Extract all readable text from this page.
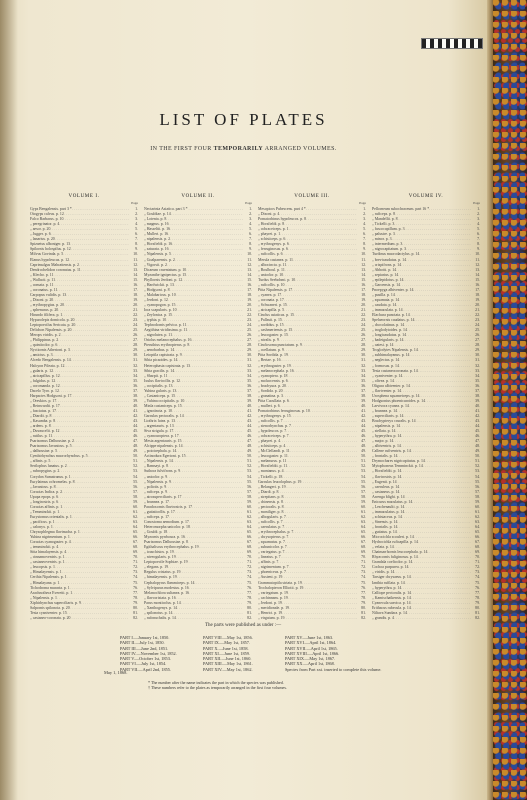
LIST OF PLATES
IN THE FIRST FOUR TEMPORARILY ARRANGED VOLUMES.
VOLUME I.
Page
Gyps Bengalensis. part 3 * . . .	1.
Otogyps calvus. p. 12 . . .	2.
Falco Barbarus. p. 10 . . .	3.
„ peregrinator. p. 4 . . .	4.
„ aesor. p. 20 . . .	5.
„ Jugger. p. 6 . . .	6.
„ lanarius. p. 20 . . .	7.
Spizaetus alboniger. p. 13 . . .	8.
Spilornis holospilus. p. 12 . . .	9.
Milvus Govinda. p. 5 . . .	10.
Elanus hypoleucus. p. 12 . . .	11.
Caprimulgus Mahrattensis. p. 2 . . .	12.
Dendrochelidon coronatus. p. 11 . . .	13.
„ Klecho. p. 11 . . .	14.
„ Wallacii. p. 11 . . .	15.
„ comata. p. 11 . . .	16.
„ coronatus. p. 11 . . .	17.
Carpopus vulidis. p. 13 . . .	18.
„ Dixoni. p. 20 . . .	19.
„ erythropygius. p. 20 . . .	20.
„ sphenurus. p. 20 . . .	21.
Hirundo filifera. p. 1 . . .	22.
Hypurolepis domicola. p. 20 . . .	23.
Leptopoecilus Sericata. p. 20 . . .	24.
Delichon Nipalensis. p. 20 . . .	25.
Merops viridis. p. 2 . . .	26.
„ Philippinus. p. 2 . . .	27.
„ quinticolor. p. 6 . . .	28.
Nyctiornis Athertoni. p. 3 . . .	29.
„ amictus. p. 3 . . .	30.
Alcedo Bengalensis. p. 14 . . .	31.
Halcyon Pileata. p. 12 . . .	32.
„ gularis. p. 12 . . .	33.
„ atricapillus. p. 12 . . .	34.
„ fulgidus. p. 12 . . .	35.
„ coromanda. p. 12 . . .	36.
Dacelo Tyro. p. 12 . . .	37.
Harpactes Hodgsoni. p. 17 . . .	38.
„ Oreskios. p. 17 . . .	39.
„ Reinwardti. p. 17 . . .	40.
„ fasciatus. p. 17 . . .	41.
„ Diardii. p. 8 . . .	42.
„ Kasumba. p. 8 . . .	43.
„ ardens. p. 8 . . .	44.
„ Duvaucelii. p. 12 . . .	45.
„ rutilus. p. 11 . . .	46.
Psarisomus Dalhousiae. p. 2 . . .	47.
Psarisomus Javanicus. p. 5 . . .	48.
„ dalhousiae. p. 5 . . .	49.
Cymbirhynchus macrorhynchus. p. 5 . . .	50.
„ affinis. p. 5 . . .	51.
Serilophus lunatus. p. 2 . . .	52.
„ rubropygius. p. 2 . . .	53.
Corydon Sumatranus. p. 1 . . .	54.
Eurylaimus ochromelas. p. 8 . . .	55.
„ Javanicus. p. 8 . . .	56.
Coracias Indica. p. 2 . . .	57.
Upupa epops. p. 6 . . .	58.
„ longirostris. p. 6 . . .	59.
Coracias affinis. p. 1 . . .	60.
„ Temminckii. p. 1 . . .	61.
Eurystomus orientalis. p. 1 . . .	62.
„ pacificus. p. 1 . . .	63.
„ calonyx. p. 1 . . .	64.
Chrysophlegma flavinucha. p. 1 . . .	65.
Yuhina nigrimentum. p. 1 . . .	66.
Coracias cyanogaster. p. 4 . . .	67.
„ temminckii. p. 4 . . .	68.
Sitta himalayensis. p. 4 . . .	69.
„ cinnamoventris. p. 1 . . .	70.
„ castaneoventris. p. 1 . . .	71.
„ leucopsis. p. 1 . . .	72.
„ Himalayensis. p. 1 . . .	73.
Certhia Nipalensis. p. 1 . . .	74.
„ Himalayana. p. 1 . . .	75.
Tichodroma muraria. p. 1 . . .	76.
Arachnothera Everetti. p. 1 . . .	77.
„ Nipalensis. p. 1 . . .	78.
Xiphirhynchus superciliaris. p. 9 . . .	79.
Salpornis spilonota. p. 20 . . .	80.
Tesia cyaniventer. p. 15 . . .	81.
„ castaneo-coronata. p. 20 . . .	82.
VOLUME II.
Page
Nectarinia Asiatica. part 3 * . . .	1.
„ Gouldiae. p. 14 . . .	2.
„ Lotenia. p. 8 . . .	3.
„ magnus. p. 16 . . .	4.
„ Hasseltii. p. 16 . . .	5.
„ Mulleri. p. 16 . . .	6.
„ nipalensis. p. 2 . . .	7.
„ Horsfieldi. p. 16 . . .	8.
„ saturata. p. 16 . . .	9.
„ Nipalensis. p. 5 . . .	10.
„ Goalparensis. p. 2 . . .	11.
„ Vigorsii. p. 2 . . .	12.
Dicaeum cruentatum. p. 10 . . .	13.
Myzanthe ignipectus. p. 15 . . .	14.
Phyllornis Jerdoni. p. 12 . . .	15.
„ Hardwickii. p. 13 . . .	16.
„ Hodgsoni. p. 8 . . .	17.
„ Malabaricus. p. 10 . . .	18.
„ Jerdoni. p. 12 . . .	19.
„ cyanopogon. p. 15 . . .	20.
Iora scapularis. p. 10 . . .	21.
„ Zeylonica. p. 15 . . .	22.
„ typhia. p. 10 . . .	23.
Tephrodornis pelvica. p. 11 . . .	24.
Aegithina viridissima. p. 11 . . .	25.
„ nigrolutea. p. 11 . . .	26.
Oriolus melanocephalus. p. 16 . . .	27.
Pteruthius erythropterus. p. 8 . . .	28.
„ aenobarbus. p. 14 . . .	29.
Leioptila capistrata. p. 9 . . .	30.
Sibia picaoides. p. 14 . . .	31.
Heterophasia capistrata. p. 13 . . .	32.
Sibia gracilis. p. 14 . . .	33.
„ Sharpii. p. 11 . . .	34.
Ixulus flavicollis. p. 12 . . .	35.
„ occipitalis. p. 13 . . .	36.
Yuhina gularis. p. 13 . . .	37.
„ Castaniceps. p. 15 . . .	38.
„ Yuhina occipitalis. p. 10 . . .	39.
Minla castaniceps. p. 15 . . .	40.
„ ignotincta. p. 10 . . .	41.
Garrulax pectoralis. p. 14 . . .	42.
Liothrix lutea. p. 13 . . .	43.
„ argentauris. p. 13 . . .	44.
Siva strigula. p. 17 . . .	45.
„ cyanouroptera. p. 17 . . .	46.
Mesia argentauris. p. 15 . . .	47.
Alcippe nipalensis. p. 14 . . .	48.
„ poioicephala. p. 14 . . .	49.
Actinodura Egertoni. p. 15 . . .	50.
„ Nipalensis. p. 14 . . .	51.
„ Ramsayi. p. 8 . . .	52.
Suthora fulvifrons. p. 9 . . .	53.
„ unicolor. p. 9 . . .	54.
„ Nipalensis. p. 9 . . .	55.
„ poliotis. p. 9 . . .	56.
„ ruficeps. p. 9 . . .	57.
„ atrosuperciliaris. p. 17 . . .	58.
„ brunnea. p. 17 . . .	59.
Paradoxornis flavirostris. p. 17 . . .	60.
„ guttaticollis. p. 17 . . .	61.
„ ruficeps. p. 17 . . .	62.
Conostoma aemodium. p. 17 . . .	63.
Heteromorpha unicolor. p. 18 . . .	64.
„ Gouldi. p. 18 . . .	65.
Myzornis pyrrhoura. p. 16 . . .	66.
Psarisomus Dalhousiae. p. 8 . . .	67.
Egithaliscus erythrocephalus. p. 19 . . .	68.
„ iouschistos. p. 19 . . .	69.
„ niveogularis. p. 19 . . .	70.
Leptopoecile Sophiae. p. 19 . . .	71.
„ elegans. p. 19 . . .	72.
Regulus cristatus. p. 19 . . .	73.
„ himalayensis. p. 19 . . .	74.
Cephalopyrus flammiceps. p. 14 . . .	75.
„ Sylviparus modestus. p. 16 . . .	76.
Melanochlora sultanea. p. 16 . . .	77.
„ flavocristata. p. 16 . . .	78.
Parus monticolus. p. 14 . . .	79.
„ Xanthogenys. p. 14 . . .	80.
„ spilonotus. p. 14 . . .	81.
„ rufonuchalis. p. 14 . . .	82.
VOLUME III.
Page
Mesopicos Pubescens. part 4 * . . .	1.
„ Dixoni. p. 4 . . .	2.
Pomatorhinus hypoleucos. p. 8 . . .	3.
„ Horsfieldi. p. 8 . . .	4.
„ ochraceiceps. p. 1 . . .	5.
„ phayrei. p. 1 . . .	6.
„ schisticeps. p. 6 . . .	7.
„ erythrogenys. p. 6 . . .	8.
„ ferruginosus. p. 6 . . .	9.
„ ruficollis. p. 6 . . .	10.
Merula castanea. p. 11 . . .	11.
„ albocincta. p. 11 . . .	12.
„ Boulboul. p. 11 . . .	13.
„ unicolor. p. 10 . . .	14.
Turdus Seebohmi. p. 10 . . .	15.
„ ruficollis. p. 10 . . .	16.
Pitta Nipalensis. p. 17 . . .	17.
„ cyanea. p. 17 . . .	18.
„ coronata. p. 17 . . .	19.
„ Schwaneri. p. 15 . . .	20.
„ atricapilla. p. 5 . . .	21.
Cinclus asiaticus. p. 15 . . .	22.
„ Pallasii. p. 15 . . .	23.
„ sordidus. p. 15 . . .	24.
„ cashmeriensis. p. 15 . . .	25.
„ leucogaster. p. 15 . . .	26.
„ nivalis. p. 9 . . .	27.
Cinclosoma punctatum. p. 9 . . .	28.
„ ocellatum. p. 9 . . .	29.
Pitta Sordida. p. 19 . . .	30.
„ Bertae. p. 16 . . .	31.
„ erythrogaster. p. 19 . . .	32.
„ melanocephala. p. 16 . . .	33.
„ cyanoptera. p. 18 . . .	34.
„ moluccensis. p. 6 . . .	35.
„ brachyura. p. 20 . . .	36.
„ Sordida. p. 20 . . .	37.
„ granatina. p. 3 . . .	38.
Pitta Cucullata. p. 6 . . .	39.
„ mulleri. p. 6 . . .	40.
Pomatorhinus ferruginosus. p. 10 . . .	41.
„ erythrogenys. p. 15 . . .	42.
„ ruficollis. p. 7 . . .	43.
„ stenorhynchus. p. 7 . . .	44.
„ hypoleucos. p. 7 . . .	45.
„ ochraceiceps. p. 7 . . .	46.
„ phayrei. p. 4 . . .	47.
„ schisticeps. p. 4 . . .	48.
„ McClellandi. p. 11 . . .	49.
„ leucogaster. p. 11 . . .	50.
„ melanurus. p. 11 . . .	51.
„ Horsfieldii. p. 11 . . .	52.
„ montanus. p. 4 . . .	53.
„ Tickelli. p. 18 . . .	54.
Garrulax leucolophus. p. 19 . . .	55.
„ Belangeri. p. 19 . . .	56.
„ Diardi. p. 8 . . .	57.
„ strepitans. p. 8 . . .	58.
„ chinensis. p. 8 . . .	59.
„ pectoralis. p. 8 . . .	60.
„ moniliger. p. 8 . . .	61.
„ albogularis. p. 7 . . .	62.
„ ruficollis. p. 7 . . .	63.
„ caerulatus. p. 7 . . .	64.
„ erythrocephalus. p. 7 . . .	65.
„ chrysopterus. p. 7 . . .	66.
„ squamatus. p. 7 . . .	67.
„ subunicolor. p. 7 . . .	68.
„ variegatus. p. 7 . . .	69.
„ lineatus. p. 7 . . .	70.
„ affinis. p. 7 . . .	71.
„ nigrimentum. p. 7 . . .	72.
„ phoeniceus. p. 7 . . .	73.
„ Austeni. p. 19 . . .	74.
Grammatoptila striata. p. 19 . . .	75.
Trochalopteron Elliotii. p. 19 . . .	76.
„ variegatum. p. 19 . . .	77.
„ cachinnans. p. 19 . . .	78.
„ Jerdoni. p. 19 . . .	79.
„ meridionale. p. 19 . . .	80.
„ Henrici. p. 19 . . .	81.
„ virgatum. p. 19 . . .	82.
VOLUME IV.
Page
Pellorneum subochraceum. part 16 * . . .	1.
„ ruficeps. p. 8 . . .	2.
„ Mandellii. p. 8 . . .	3.
„ Tickelli. p. 3 . . .	4.
„ fuscocapillum. p. 3 . . .	5.
„ palustre. p. 3 . . .	6.
„ minor. p. 3 . . .	7.
„ intermedium. p. 3 . . .	8.
„ nigrocapitatum. p. 3 . . .	9.
Turdinus macrodactylus. p. 14 . . .	10.
„ brevicaudatus. p. 14 . . .	11.
„ crispifrons. p. 14 . . .	12.
„ Abbotti. p. 14 . . .	13.
„ sepiarius. p. 14 . . .	14.
„ epilepidotus. p. 14 . . .	15.
„ Garoensis. p. 14 . . .	16.
Pnoepyga albiventer. p. 14 . . .	17.
„ pusilla. p. 14 . . .	18.
„ squamata. p. 14 . . .	19.
„ caudata. p. 14 . . .	20.
„ immaculata. p. 14 . . .	21.
Elachura punctata. p. 14 . . .	22.
Spelaeornis caudatus. p. 14 . . .	23.
„ chocolatinus. p. 14 . . .	24.
„ troglodytoides. p. 14 . . .	25.
„ longicaudatus. p. 14 . . .	26.
„ badeigularis. p. 14 . . .	27.
„ oatesi. p. 14 . . .	28.
Troglodytes Nipalensis. p. 14 . . .	29.
„ subhimalayanus. p. 14 . . .	30.
„ neglectus. p. 14 . . .	31.
„ formosus. p. 14 . . .	32.
Tesia castaneocoronata. p. 14 . . .	33.
„ cyaniventer. p. 14 . . .	34.
„ olivea. p. 14 . . .	35.
Oligura albiventer. p. 14 . . .	36.
„ flaviventer. p. 14 . . .	37.
Urosphena squameiceps. p. 14 . . .	38.
Hodgsonius phoenicuroides. p. 14 . . .	39.
Larvivora cyanea. p. 14 . . .	40.
„ brunnea. p. 14 . . .	41.
„ superciliaris. p. 14 . . .	42.
Brachypteryx cruralis. p. 14 . . .	43.
„ nipalensis. p. 14 . . .	44.
„ stellata. p. 14 . . .	45.
„ hyperythra. p. 14 . . .	46.
„ major. p. 14 . . .	47.
„ albiventris. p. 14 . . .	48.
Callene rufiventris. p. 14 . . .	49.
„ frontalis. p. 14 . . .	50.
Drymochares nigricapitatus. p. 14 . . .	51.
Myiophoneus Temminckii. p. 14 . . .	52.
„ Horsfieldii. p. 14 . . .	53.
„ flavirostris. p. 14 . . .	54.
„ Eugenii. p. 14 . . .	55.
„ caeruleus. p. 14 . . .	56.
„ castaneus. p. 14 . . .	57.
Arrenga blighi. p. 14 . . .	58.
Enicurus maculatus. p. 14 . . .	59.
„ Leschenaulti. p. 14 . . .	60.
„ immaculatus. p. 14 . . .	61.
„ schistaceus. p. 14 . . .	62.
„ Sinensis. p. 14 . . .	63.
„ frontalis. p. 14 . . .	64.
„ guttatus. p. 14 . . .	65.
Microcichla scouleri. p. 14 . . .	66.
Hydrocichla ruficapilla. p. 14 . . .	67.
„ velata. p. 14 . . .	68.
Chaimarrhornis leucocephala. p. 14 . . .	69.
Rhyacornis fuliginosus. p. 14 . . .	70.
Grandala coelicolor. p. 14 . . .	71.
Cochoa purpurea. p. 14 . . .	72.
„ viridis. p. 14 . . .	73.
Tarsiger chrysaeus. p. 14 . . .	74.
Ianthia rufilata. p. 14 . . .	75.
„ hyperythra. p. 14 . . .	76.
Calliope pectoralis. p. 14 . . .	77.
„ Kamtschatkensis. p. 14 . . .	78.
Cyanecula suecica. p. 14 . . .	79.
Erithacus rubecula. p. 14 . . .	80.
Niltava Sundara. p. 14 . . .	81.
„ grandis. p. 4 . . .	82.
The parts were published as under :—
PART I.—January 1st, 1850.
PART II.—July 1st, 1850.
PART III.—June 2nd, 1851.
PART IV.—November 1st, 1852.
PART V.—October 1st, 1853.
PART VI.—July 1st, 1854.
PART VII.—April 2nd, 1855.
PART VIII.—May 1st, 1856.
PART IX.—May 1st, 1857.
PART X.—June 1st, 1858.
PART XI.—June 1st, 1859.
PART XII.—June 1st, 1860.
PART XIII.—May 1st, 1861.
PART XIV.—May 1st, 1862.
PART XV.—June 1st, 1863.
PART XVI.—April 1st, 1864.
PART XVII.—April 1st, 1865.
PART XVIII.—April 1st, 1866.
PART XIX.—May 1st, 1867.
PART XX.—April 1st, 1868.
Species from Part xxi. inserted to complete this volume.
* The number after the name indicates the part in which the species was published.
† These numbers refer to the plates as temporarily arranged in the first four volumes.
May 1, 1868.
